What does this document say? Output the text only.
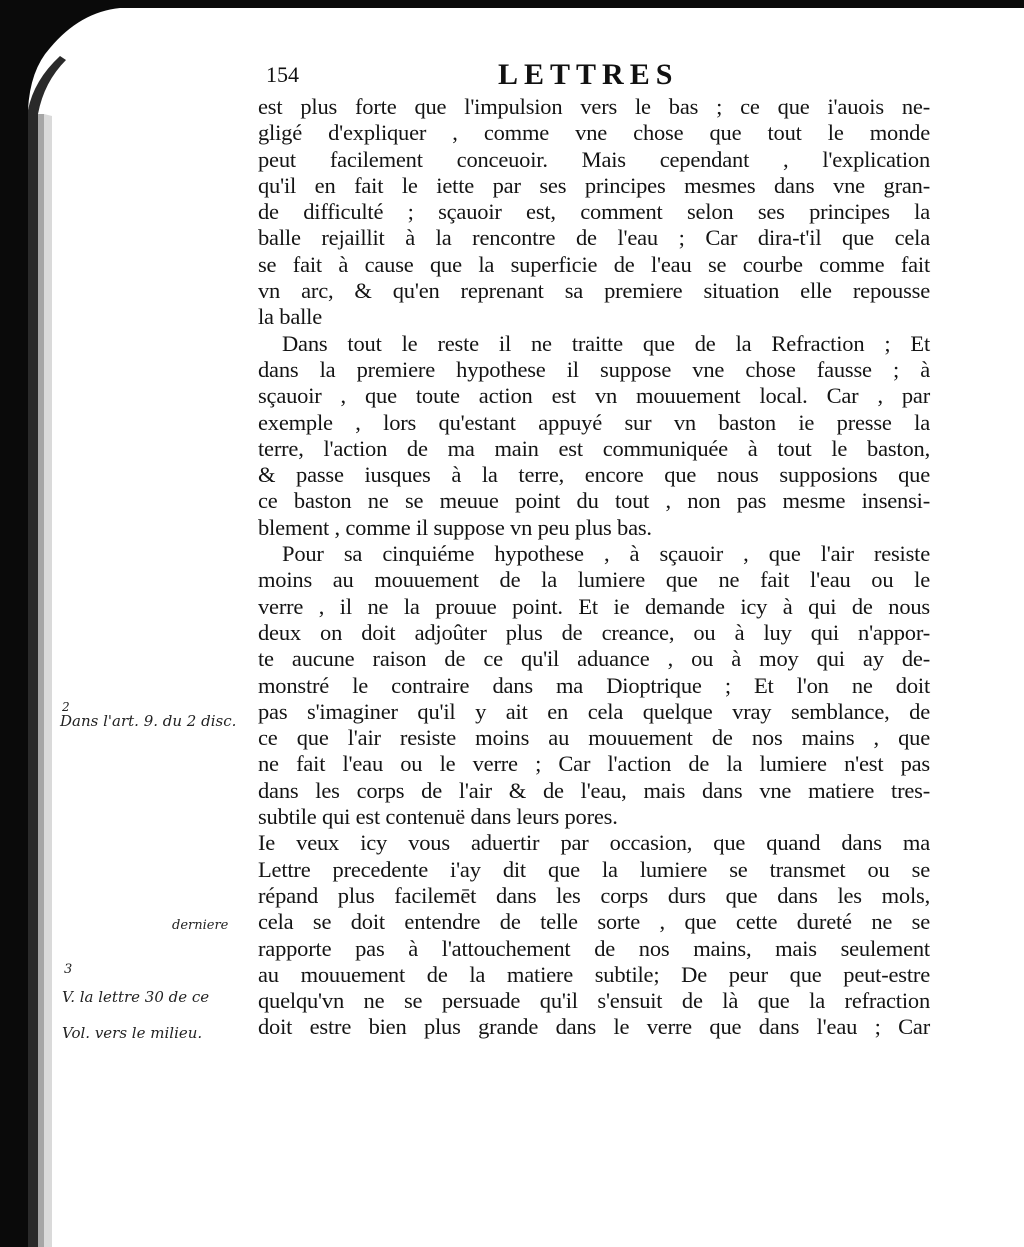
154	LETTRES
est plus forte que l'impulsion vers le bas ; ce que i'auois ne-
gligé d'expliquer , comme vne chose que tout le monde
peut facilement conceuoir. Mais cependant , l'explication
qu'il en fait le iette par ses principes mesmes dans vne gran-
de difficulté ; sçauoir est, comment selon ses principes la
balle rejaillit à la rencontre de l'eau ; Car dira-t'il que cela
se fait à cause que la superficie de l'eau se courbe comme fait
vn arc, & qu'en reprenant sa premiere situation elle repousse
la balle
Dans tout le reste il ne traitte que de la Refraction ; Et
dans la premiere hypothese il suppose vne chose fausse ; à
sçauoir , que toute action est vn mouuement local. Car , par
exemple , lors qu'estant appuyé sur vn baston ie presse la
terre, l'action de ma main est communiquée à tout le baston,
& passe iusques à la terre, encore que nous supposions que
ce baston ne se meuue point du tout , non pas mesme insensi-
blement , comme il suppose vn peu plus bas.
Pour sa cinquiéme hypothese , à sçauoir , que l'air resiste
moins au mouuement de la lumiere que ne fait l'eau ou le
verre , il ne la prouue point. Et ie demande icy à qui de nous
deux on doit adjoûter plus de creance, ou à luy qui n'appor-
te aucune raison de ce qu'il aduance , ou à moy qui ay de-
monstré le contraire dans ma Dioptrique ; Et l'on ne doit
pas s'imaginer qu'il y ait en cela quelque vray semblance, de
ce que l'air resiste moins au mouuement de nos mains , que
ne fait l'eau ou le verre ; Car l'action de la lumiere n'est pas
dans les corps de l'air & de l'eau, mais dans vne matiere tres-
subtile qui est contenuë dans leurs pores.
Ie veux icy vous aduertir par occasion, que quand dans ma
Lettre precedente i'ay dit que la lumiere se transmet ou se
répand plus facilemēt dans les corps durs que dans les mols,
cela se doit entendre de telle sorte , que cette dureté ne se
rapporte pas à l'attouchement de nos mains, mais seulement
au mouuement de la matiere subtile; De peur que peut-estre
quelqu'vn ne se persuade qu'il s'ensuit de là que la refraction
doit estre bien plus grande dans le verre que dans l'eau ; Car
2
Dans l'art. 9. du 2 disc.
derniere
3
V. la lettre 30 de ce
Vol. vers le milieu.
